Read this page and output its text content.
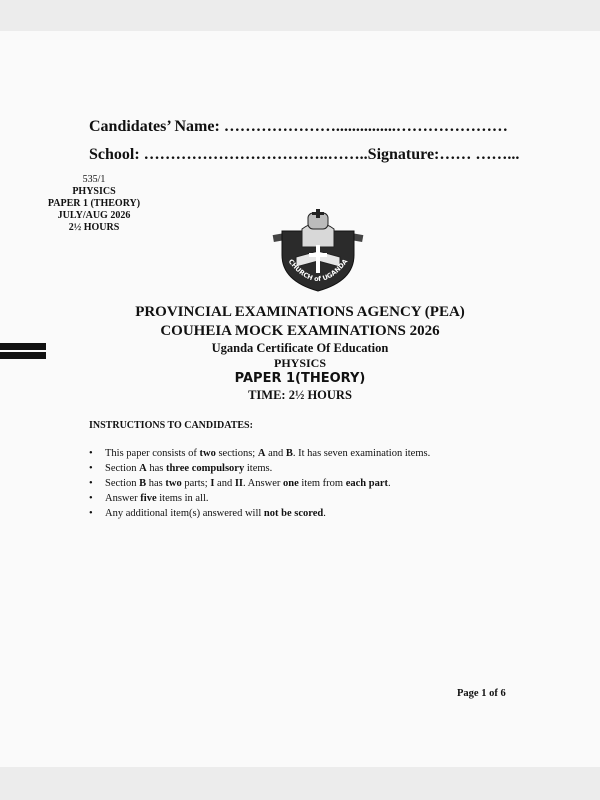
Candidates’ Name: …………………...............…………………
School: ……………………………..……..Signature:…… ……...
535/1
PHYSICS
PAPER 1 (THEORY)
JULY/AUG 2026
2½ HOURS
CHURCH of UGANDA
PROVINCIAL EXAMINATIONS AGENCY (PEA)
COUHEIA MOCK EXAMINATIONS 2026
Uganda Certificate Of Education
PHYSICS
PAPER 1(THEORY)
TIME: 2½ HOURS
INSTRUCTIONS TO CANDIDATES:
• This paper consists of two sections; A and B. It has seven examination items.
• Section A has three compulsory items.
• Section B has two parts; I and II. Answer one item from each part.
• Answer five items in all.
• Any additional item(s) answered will not be scored.
Page 1 of 6
